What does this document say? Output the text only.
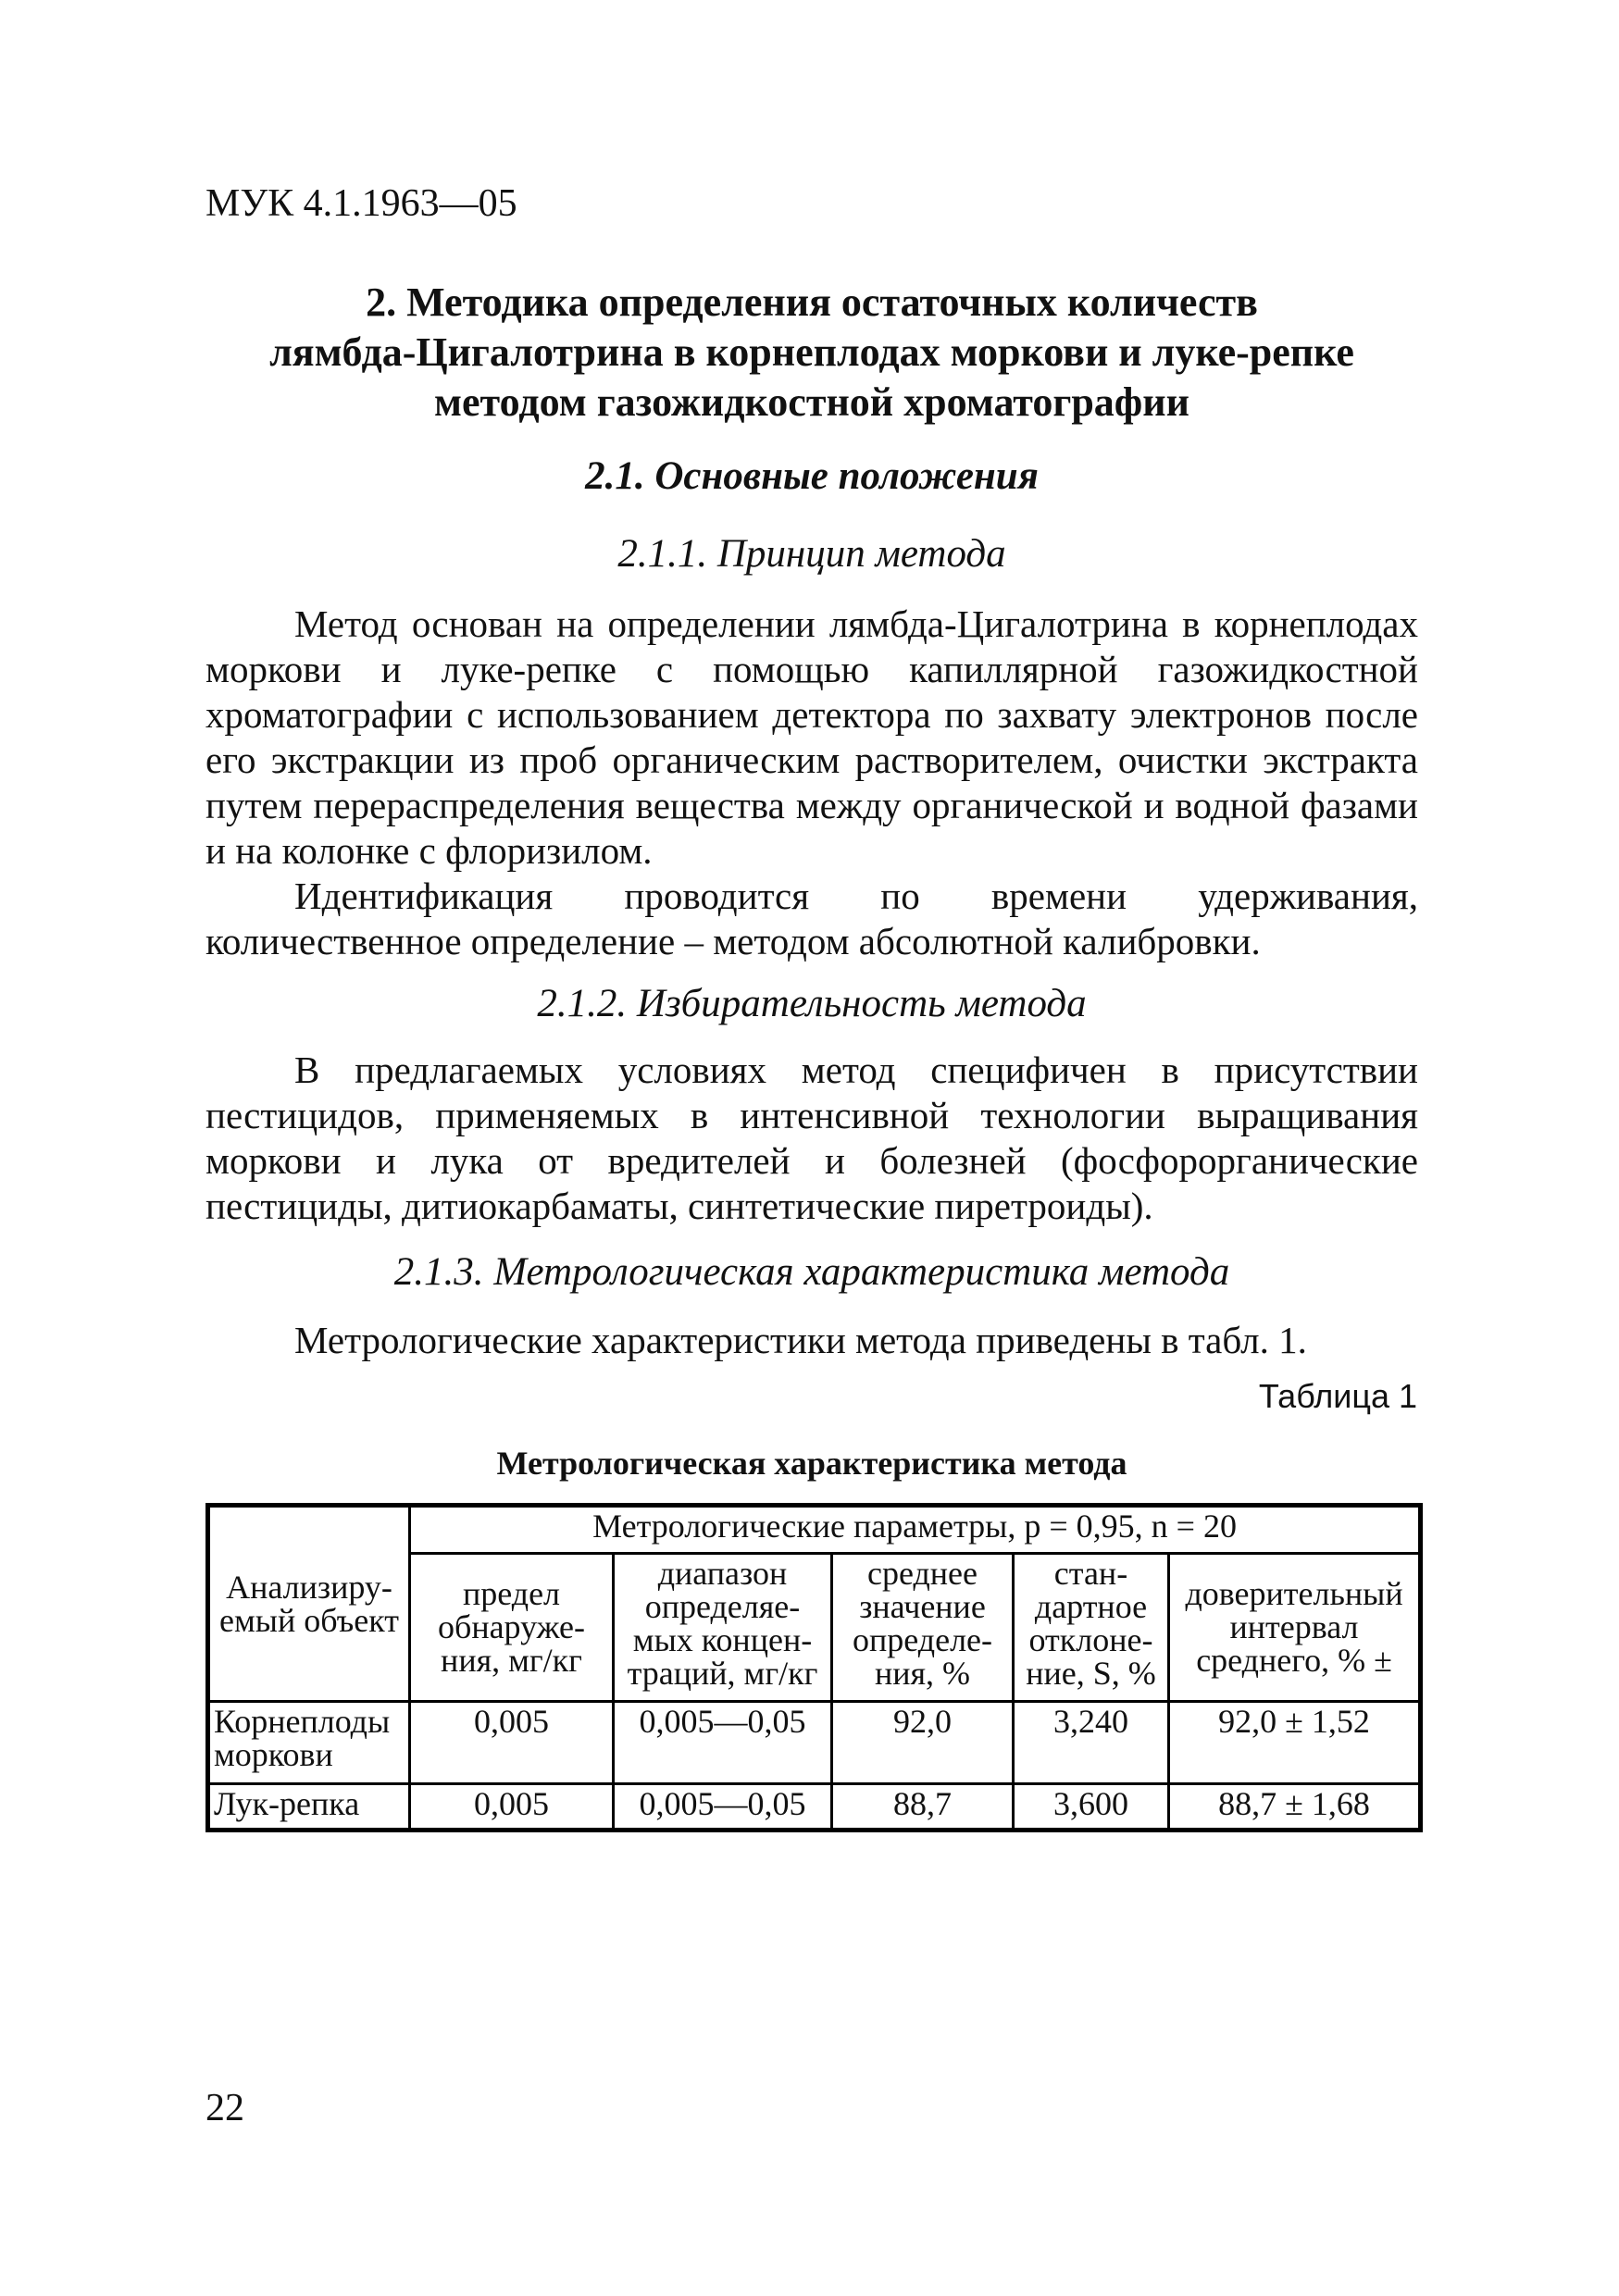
МУК 4.1.1963—05
2. Методика определения остаточных количеств
лямбда-Цигалотрина в корнеплодах моркови и луке-репке
методом газожидкостной хроматографии
2.1. Основные положения
2.1.1. Принцип метода

Метод основан на определении лямбда-Цигалотрина в корнеплодах моркови и луке-репке с помощью капиллярной газожидкостной хроматографии с использованием детектора по захвату электронов после его экстракции из проб органическим растворителем, очистки экстракта путем перераспределения вещества между органической и водной фазами и на колонке с флоризилом.

Идентификация проводится по времени удерживания, количественное определение – методом абсолютной калибровки.

2.1.2. Избирательность метода

В предлагаемых условиях метод специфичен в присутствии пестицидов, применяемых в интенсивной технологии выращивания моркови и лука от вредителей и болезней (фосфорорганические пестициды, дитиокарбаматы, синтетические пиретроиды).

2.1.3. Метрологическая характеристика метода

Метрологические характеристики метода приведены в табл. 1.

Таблица 1
Метрологическая характеристика метода
Анализиру-емый объект	Метрологические параметры, р = 0,95, n = 20				
	предел обнаруже-ния, мг/кг	диапазон определяе-мых концен-траций, мг/кг	среднее значение определе-ния, %	стан-дартное отклоне-ние, S, %	доверительный интервал среднего, % ±
Корнеплоды моркови	0,005	0,005—0,05	92,0	3,240	92,0 ± 1,52
Лук-репка	0,005	0,005—0,05	88,7	3,600	88,7 ± 1,68
22
